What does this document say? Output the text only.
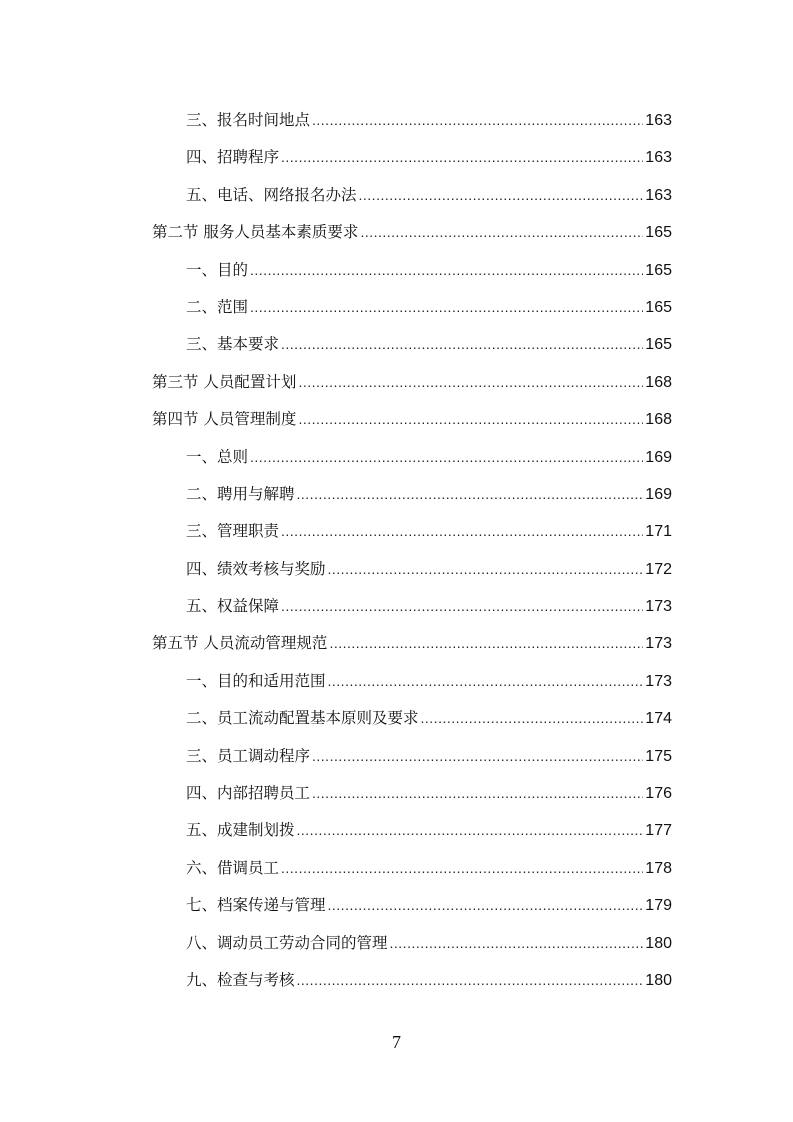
三、报名时间地点 .....	163
四、招聘程序 .....	163
五、电话、网络报名办法 .....	163
第二节 服务人员基本素质要求 .....	165
一、目的 .....	165
二、范围 .....	165
三、基本要求 .....	165
第三节 人员配置计划 .....	168
第四节 人员管理制度 .....	168
一、总则 .....	169
二、聘用与解聘 .....	169
三、管理职责 .....	171
四、绩效考核与奖励 .....	172
五、权益保障 .....	173
第五节 人员流动管理规范 .....	173
一、目的和适用范围 .....	173
二、员工流动配置基本原则及要求 .....	174
三、员工调动程序 .....	175
四、内部招聘员工 .....	176
五、成建制划拨 .....	177
六、借调员工 .....	178
七、档案传递与管理 .....	179
八、调动员工劳动合同的管理 .....	180
九、检查与考核 .....	180
7
